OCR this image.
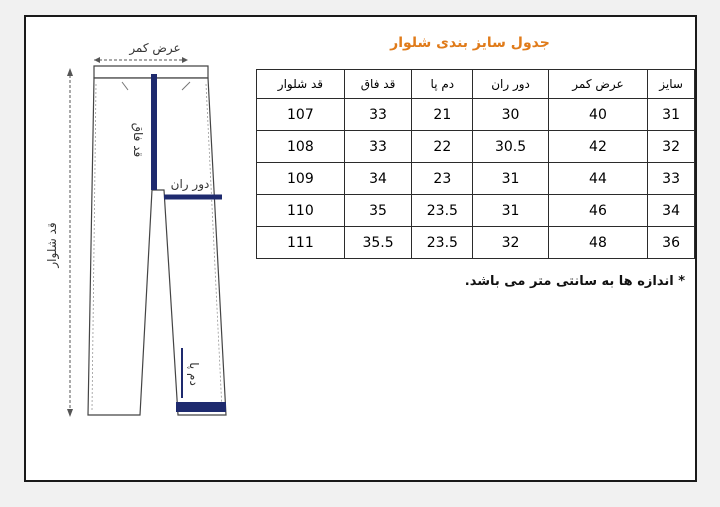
جدول سایز بندی شلوار
سایز	عرض کمر	دور ران	دم پا	قد فاق	قد شلوار
31	40	30	21	33	107
32	42	30.5	22	33	108
33	44	31	23	34	109
34	46	31	23.5	35	110
36	48	32	23.5	35.5	111
* اندازه ها به سانتی متر می باشد.
عرض کمر
قد فاق
دور ران
دم پا
قد شلوار
